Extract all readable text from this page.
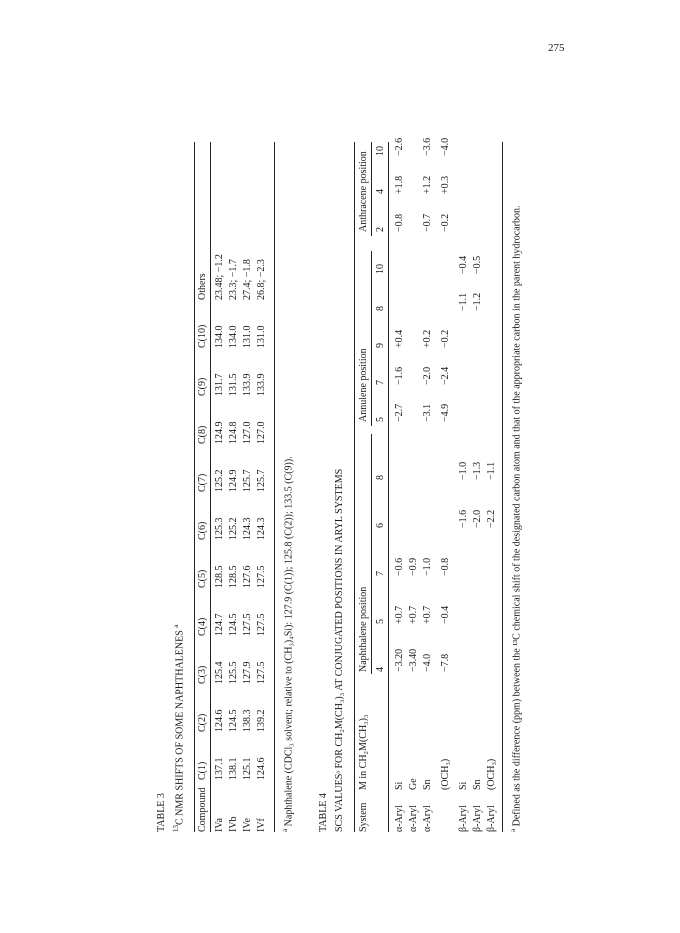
275
TABLE 3 $^{13}$C NMR SHIFTS OF SOME NAPHTHALENES $^a$
Compound
C(1)
C(2)
C(3)
C(4)
C(5)
C(6)
C(7)
C(8)
C(9)
C(10)
Others
IVa
137.1
124.6
125.4
124.7
128.5
125.3
125.2
124.9
131.7
134.0
23.48; −1.2
IVb
138.1
124.5
125.5
124.5
128.5
125.2
124.9
124.8
131.5
134.0
23.3; −1.7
IVe
125.1
138.3
127.9
127.5
127.6
124.3
125.7
127.0
133.9
131.0
27.4; −1.8
IVf
124.6
139.2
127.5
127.5
127.5
124.3
125.7
127.0
133.9
131.0
26.8; −2.3
$^a$ Naphthalene (CDCl₃ solvent; relative to (CH₃)₄Si): 127.9 (C(1)); 125.8 (C(2)); 133.5 (C(9)). TABLE 4 SCS VALUESᵃ FOR CH₂M(CH₃)₃ AT CONJUGATED POSITIONS IN ARYL SYSTEMS System
M in CH₂M(CH₃)₃
Naphthalene position
Annulene position
Anthracene position
4
5
7
6
8
5
7
9
8
10
2
4
10
α-Aryl
Si
−3.20
+0.7
−0.6
−2.7
−1.6
+0.4
−0.8
+1.8
−2.6
α-Aryl
Ge
−3.40
+0.7
−0.9
α-Aryl
Sn
−4.0
+0.7
−1.0
−3.1
−2.0
+0.2
−0.7
+1.2
−3.6
(OCH₃)
−7.8
−0.4
−0.8
−4.9
−2.4
−0.2
−0.2
+0.3
−4.0
β-Aryl
Si
−1.6
−1.0
−1.1
−0.4
β-Aryl
Sn
−2.0
−1.3
−1.2
−0.5
β-Aryl
(OCH₃)
−2.2
−1.1
$^a$ Defined as the difference (ppm) between the ¹³C chemical shift of the designated carbon atom and that of the appropriate carbon in the parent hydrocarbon.
